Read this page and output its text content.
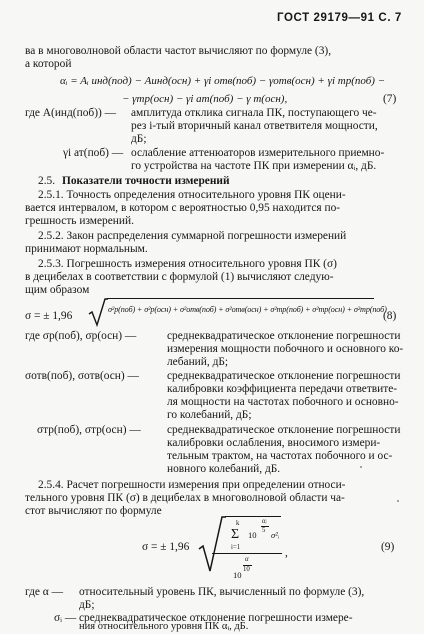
ГОСТ 29179—91 С. 7
ва в многоволновой области частот вычисляют по формуле (3),
а которой
αᵢ = Aᵢ инд(под) − Aинд(осн) + γi отв(поб) − γотв(осн) + γi тр(поб) −
− γтр(осн) − γi ат(поб) − γ т(осн),	(7)
где A(инд(поб)) — амплитуда отклика сигнала ПК, поступающего че-
рез i-тый вторичный канал ответвителя мощности,
дБ;
γi ат(поб) — ослабление аттенюаторов измерительного приемно-
го устройства на частоте ПК при измерении αᵢ, дБ.
2.5. Показатели точности измерений
2.5.1. Точность определения относительного уровня ПК оцени-
вается интервалом, в котором с вероятностью 0,95 находится по-
грешность измерений.
2.5.2. Закон распределения суммарной погрешности измерений
принимают нормальным.
2.5.3. Погрешность измерения относительного уровня ПК (σ)
в децибелах в соответствии с формулой (1) вычисляют следую-
щим образом
σ = ± 1,96
σ²р(поб) + σ²р(осн) + σ²отв(поб) + σ²отв(осн) + σ²тр(поб) + σ²тр(осн) + σ²тр(поб)
(8)
где σр(поб), σр(осн) —	среднеквадратическое отклонение погрешности
измерения мощности побочного и основного ко-
лебаний, дБ;
σотв(поб), σотв(осн) — среднеквадратическое отклонение погрешности
калибровки коэффициента передачи ответвите-
ля мощности на частотах побочного и основно-
го колебаний, дБ;
σтр(поб), σтр(осн) — среднеквадратическое отклонение погрешности
калибровки ослабления, вносимого измери-
тельным трактом, на частотах побочного и ос-
новного колебаний, дБ.
2.5.4. Расчет погрешности измерения при определении относи-
тельного уровня ПК (σ) в децибелах в многоволновой области ча-
стот вычисляют по формуле
σ = ± 1,96
k
Σ
i=1
10
αᵢ
5 σ²ᵢ
α
10
10
,	(9)
где α — относительный уровень ПК, вычисленный по формуле (3),
дБ;
σᵢ — среднеквадратическое отклонение погрешности измере-
ния относительного уровня ПК αᵢ, дБ.
